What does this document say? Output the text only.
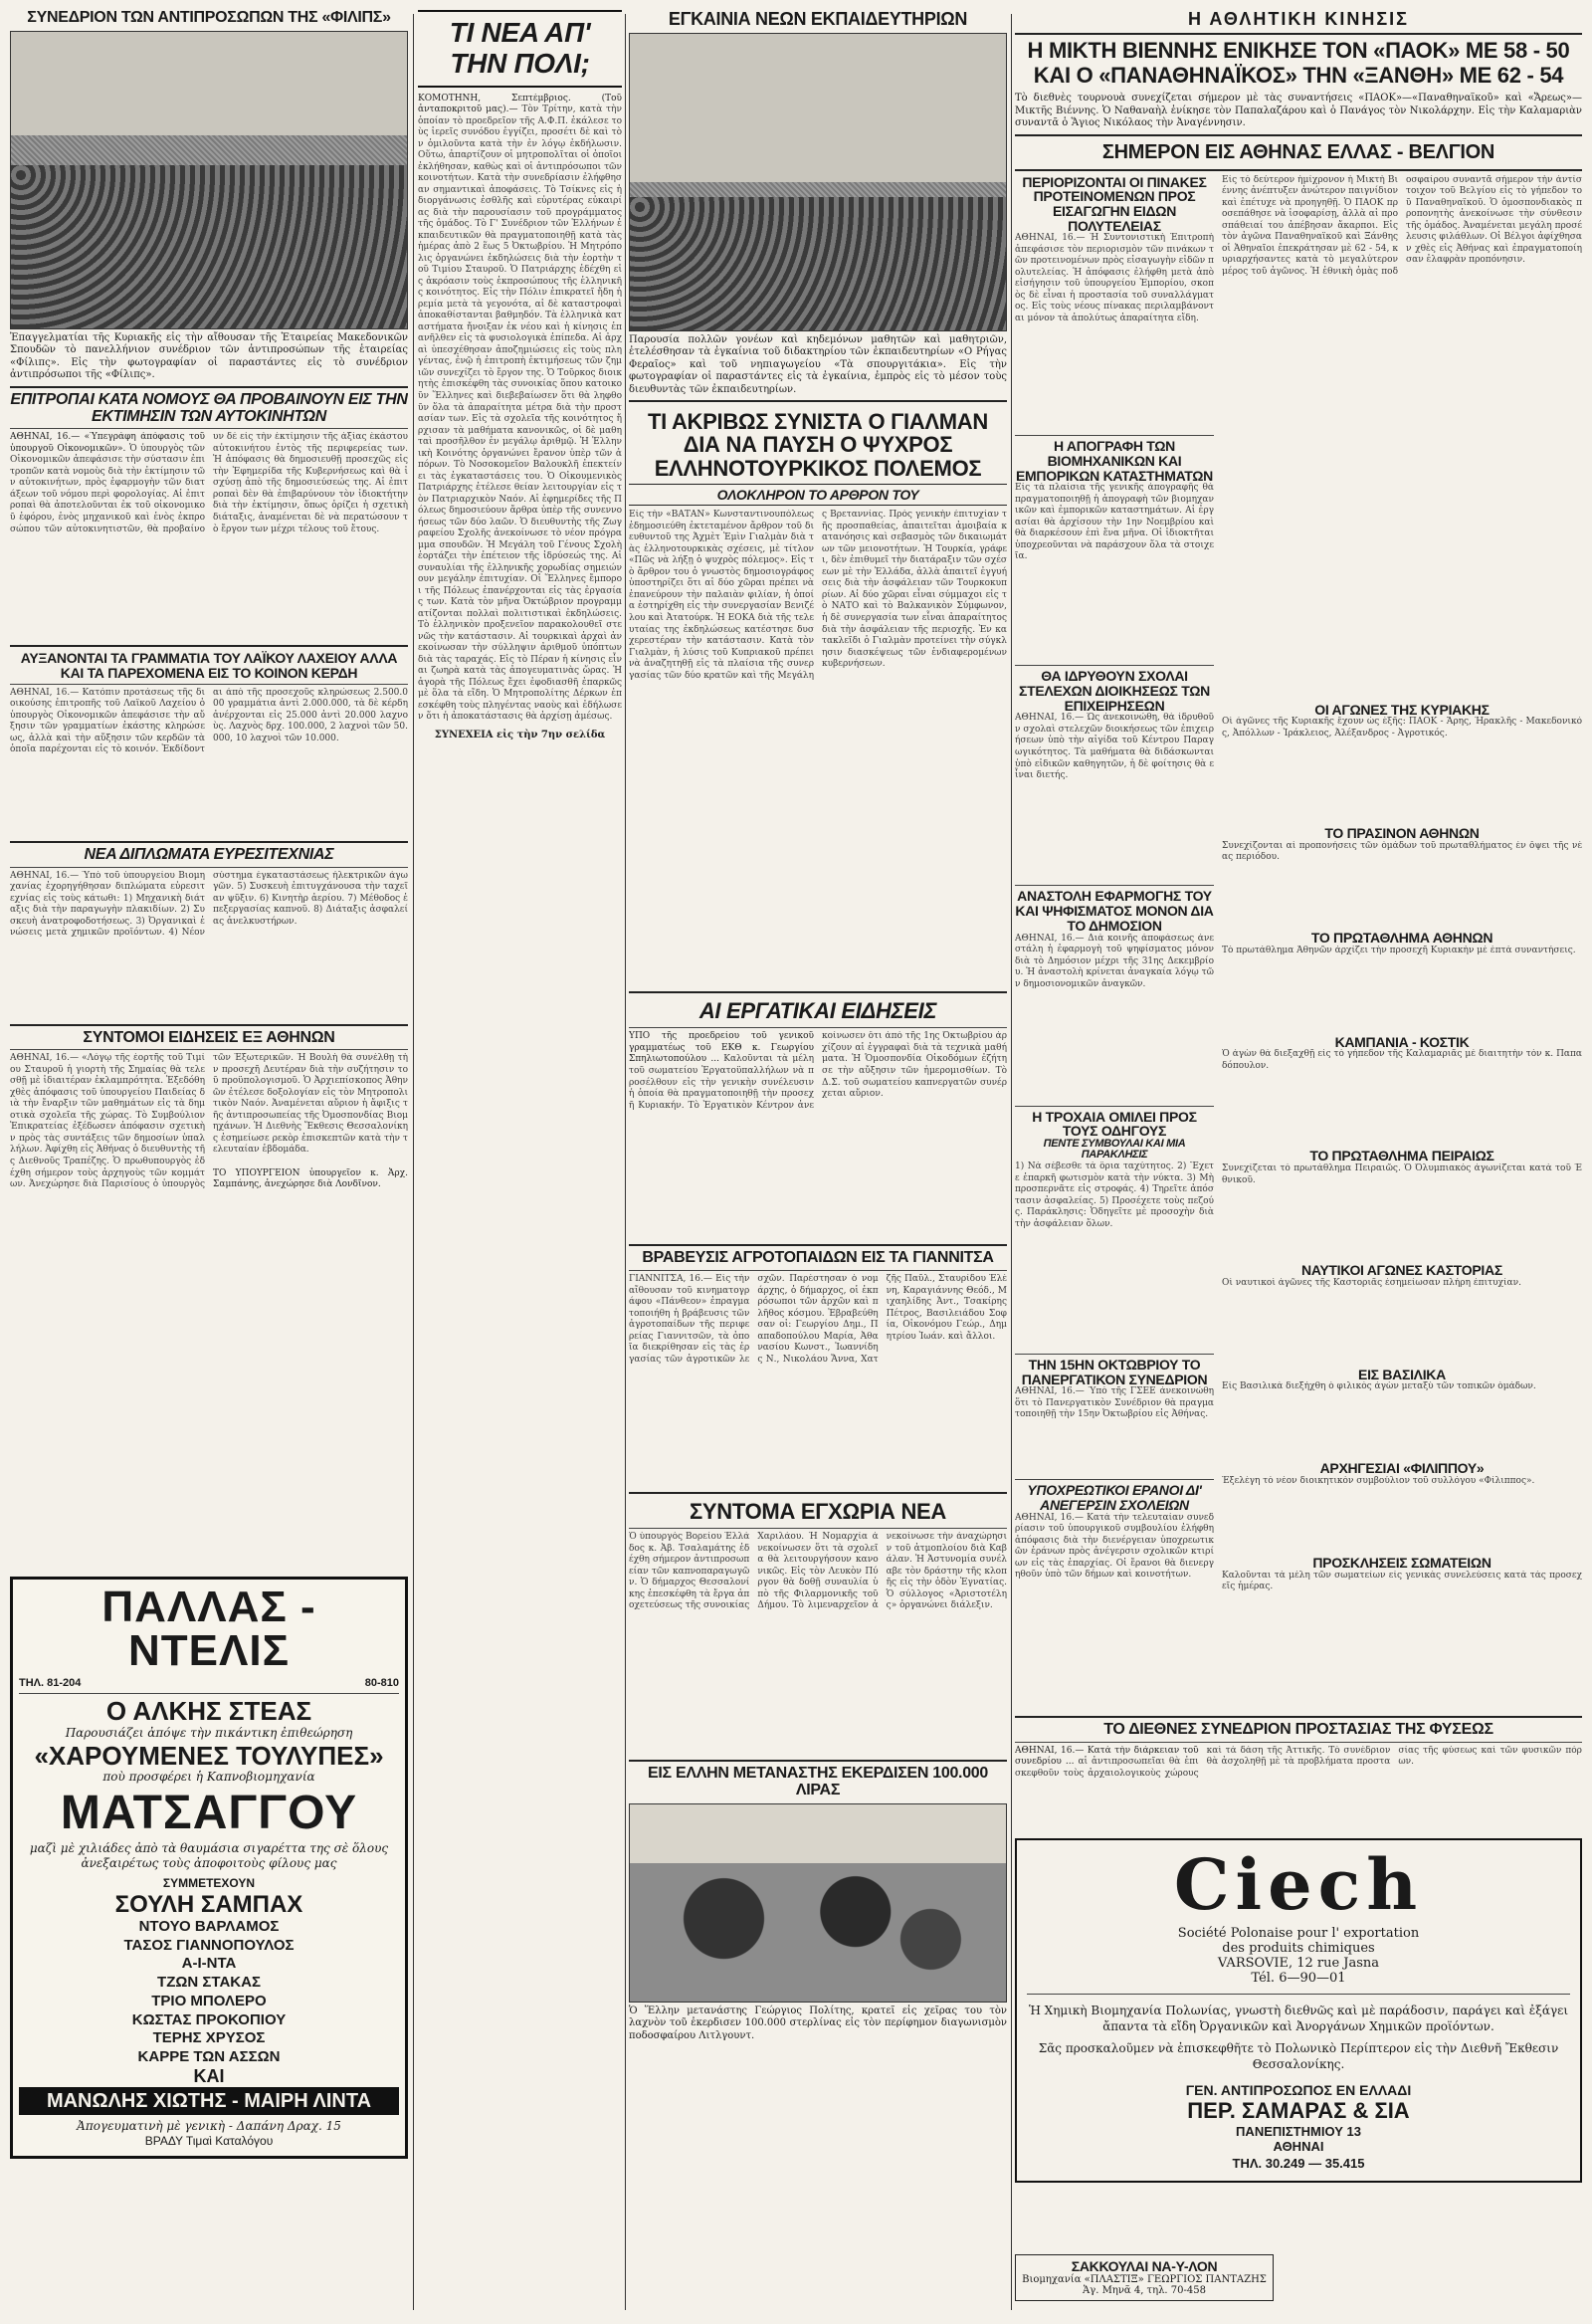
ΣΥΝΕΔΡΙΟΝ ΤΩΝ ΑΝΤΙΠΡΟΣΩΠΩΝ ΤΗΣ «ΦΙΛΙΠΣ»
Ἐπαγγελματίαι τῆς Κυριακῆς εἰς τὴν αἴθουσαν τῆς Ἑταιρείας Μακεδονικῶν Σπουδῶν τὸ πανελλήνιον συνέδριον τῶν ἀντιπροσώπων τῆς ἑταιρείας «Φίλιπς». Εἰς τὴν φωτογραφίαν οἱ παραστάντες εἰς τὸ συνέδριον ἀντιπρόσωποι τῆς «Φίλιπς».
ΕΠΙΤΡΟΠΑΙ ΚΑΤΑ ΝΟΜΟΥΣ ΘΑ ΠΡΟΒΑΙΝΟΥΝ ΕΙΣ ΤΗΝ ΕΚΤΙΜΗΣΙΝ ΤΩΝ ΑΥΤΟΚΙΝΗΤΩΝ
ΑΘΗΝΑΙ, 16.— «Ὑπεγράφη ἀπόφασις τοῦ ὑπουργοῦ Οἰκονομικῶν». Ὁ ὑπουργὸς τῶν Οἰκονομικῶν ἀπεφάσισε τὴν σύστασιν ἐπιτροπῶν κατὰ νομοὺς διὰ τὴν ἐκτίμησιν τῶν αὐτοκινήτων, πρὸς ἐφαρμογὴν τῶν διατάξεων τοῦ νόμου περὶ φορολογίας. Αἱ ἐπιτροπαὶ θὰ ἀποτελοῦνται ἐκ τοῦ οἰκονομικοῦ ἐφόρου, ἑνὸς μηχανικοῦ καὶ ἑνὸς ἐκπροσώπου τῶν αὐτοκινητιστῶν, θὰ προβαίνουν δὲ εἰς τὴν ἐκτίμησιν τῆς ἀξίας ἑκάστου αὐτοκινήτου ἐντὸς τῆς περιφερείας των. Ἡ ἀπόφασις θὰ δημοσιευθῇ προσεχῶς εἰς τὴν Ἐφημερίδα τῆς Κυβερνήσεως καὶ θὰ ἰσχύσῃ ἀπὸ τῆς δημοσιεύσεώς της. Αἱ ἐπιτροπαὶ δὲν θὰ ἐπιβαρύνουν τὸν ἰδιοκτήτην διὰ τὴν ἐκτίμησιν, ὅπως ὁρίζει ἡ σχετικὴ διάταξις, ἀναμένεται δὲ νὰ περατώσουν τὸ ἔργον των μέχρι τέλους τοῦ ἔτους.
ΑΥΞΑΝΟΝΤΑΙ ΤΑ ΓΡΑΜΜΑΤΙΑ ΤΟΥ ΛΑΪΚΟΥ ΛΑΧΕΙΟΥ ΑΛΛΑ ΚΑΙ ΤΑ ΠΑΡΕΧΟΜΕΝΑ ΕΙΣ ΤΟ ΚΟΙΝΟΝ ΚΕΡΔΗ
ΑΘΗΝΑΙ, 16.— Κατόπιν προτάσεως τῆς διοικούσης ἐπιτροπῆς τοῦ Λαϊκοῦ Λαχείου ὁ ὑπουργὸς Οἰκονομικῶν ἀπεφάσισε τὴν αὔξησιν τῶν γραμματίων ἑκάστης κληρώσεως, ἀλλὰ καὶ τὴν αὔξησιν τῶν κερδῶν τὰ ὁποῖα παρέχονται εἰς τὸ κοινόν. Ἐκδίδονται ἀπὸ τῆς προσεχοῦς κληρώσεως 2.500.000 γραμμάτια ἀντὶ 2.000.000, τὰ δὲ κέρδη ἀνέρχονται εἰς 25.000 ἀντὶ 20.000 λαχνοὺς. Λαχνὸς δρχ. 100.000, 2 λαχνοὶ τῶν 50.000, 10 λαχνοὶ τῶν 10.000.
ΝΕΑ ΔΙΠΛΩΜΑΤΑ ΕΥΡΕΣΙΤΕΧΝΙΑΣ
ΑΘΗΝΑΙ, 16.— Ὑπὸ τοῦ ὑπουργείου Βιομηχανίας ἐχορηγήθησαν διπλώματα εὑρεσιτεχνίας εἰς τοὺς κάτωθι: 1) Μηχανικὴ διάταξις διὰ τὴν παραγωγὴν πλακιδίων. 2) Συσκευὴ ἀνατροφοδοτήσεως. 3) Ὀργανικαὶ ἐνώσεις μετὰ χημικῶν προϊόντων. 4) Νέον σύστημα ἐγκαταστάσεως ἠλεκτρικῶν ἀγωγῶν. 5) Συσκευὴ ἐπιτυγχάνουσα τὴν ταχεῖαν ψῦξιν. 6) Κινητὴρ ἀερίου. 7) Μέθοδος ἐπεξεργασίας καπνοῦ. 8) Διάταξις ἀσφαλείας ἀνελκυστήρων.
ΣΥΝΤΟΜΟΙ ΕΙΔΗΣΕΙΣ ΕΞ ΑΘΗΝΩΝ
ΑΘΗΝΑΙ, 16.— «Λόγῳ τῆς ἑορτῆς τοῦ Τιμίου Σταυροῦ ἡ γιορτὴ τῆς Σημαίας θὰ τελεσθῇ μὲ ἰδιαιτέραν ἐκλαμπρότητα. Ἐξεδόθη χθὲς ἀπόφασις τοῦ ὑπουργείου Παιδείας διὰ τὴν ἔναρξιν τῶν μαθημάτων εἰς τὰ δημοτικὰ σχολεῖα τῆς χώρας. Τὸ Συμβούλιον Ἐπικρατείας ἐξέδωσεν ἀπόφασιν σχετικὴν πρὸς τὰς συντάξεις τῶν δημοσίων ὑπαλλήλων. Ἀφίχθη εἰς Ἀθήνας ὁ διευθυντὴς τῆς Διεθνοῦς Τραπέζης. Ὁ πρωθυπουργὸς ἐδέχθη σήμερον τοὺς ἀρχηγοὺς τῶν κομμάτων. Ἀνεχώρησε διὰ Παρισίους ὁ ὑπουργὸς τῶν Ἐξωτερικῶν. Ἡ Βουλὴ θὰ συνέλθῃ τὴν προσεχῆ Δευτέραν διὰ τὴν συζήτησιν τοῦ προϋπολογισμοῦ. Ὁ Ἀρχιεπίσκοπος Ἀθηνῶν ἐτέλεσε δοξολογίαν εἰς τὸν Μητροπολιτικὸν Ναόν. Ἀναμένεται αὔριον ἡ ἄφιξις τῆς ἀντιπροσωπείας τῆς Ὀμοσπονδίας Βιομηχάνων. Ἡ Διεθνὴς Ἔκθεσις Θεσσαλονίκης ἐσημείωσε ρεκὸρ ἐπισκεπτῶν κατὰ τὴν τελευταίαν ἑβδομάδα.

ΤΟ ΥΠΟΥΡΓΕΙΟΝ ὑπουργεῖον κ. Ἀρχ. Σαμπάνης, ἀνεχώρησε διὰ Λονδῖνον.
ΠΑΛΛΑΣ - ΝΤΕΛΙΣ
ΤΗΛ. 81-204	80-810
Ο ΑΛΚΗΣ ΣΤΕΑΣ
Παρουσιάζει ἀπόψε τὴν πικάντικη ἐπιθεώρηση
«ΧΑΡΟΥΜΕΝΕΣ ΤΟΥΛΥΠΕΣ»
ποὺ προσφέρει ἡ Καπνοβιομηχανία
ΜΑΤΣΑΓΓΟΥ
μαζὶ μὲ χιλιάδες ἀπὸ τὰ θαυμάσια σιγαρέττα της σὲ ὅλους ἀνεξαιρέτως τοὺς ἀποφοιτοὺς φίλους μας
ΣΥΜΜΕΤΕΧΟΥΝ
ΣΟΥΛΗ ΣΑΜΠΑΧ
ΝΤΟΥΟ ΒΑΡΛΑΜΟΣ
ΤΑΣΟΣ ΓΙΑΝΝΟΠΟΥΛΟΣ
Α-Ι-ΝΤΑ
ΤΖΩΝ ΣΤΑΚΑΣ
ΤΡΙΟ ΜΠΟΛΕΡΟ
ΚΩΣΤΑΣ ΠΡΟΚΟΠΙΟΥ
ΤΕΡΗΣ ΧΡΥΣΟΣ
ΚΑΡΡΕ ΤΩΝ ΑΣΣΩΝ
ΚΑΙ
ΜΑΝΩΛΗΣ ΧΙΩΤΗΣ - ΜΑΙΡΗ ΛΙΝΤΑ
Ἀπογευματινὴ μὲ γενικὴ - Δαπάνη Δραχ. 15
ΒΡΑΔΥ Τιμαὶ Καταλόγου
ΤΙ ΝΕΑ ΑΠ' ΤΗΝ ΠΟΛΙ;
ΚΟΜΟΤΗΝΗ, Σεπτέμβριος. (Τοῦ ἀνταποκριτοῦ μας).— Τὸν Τρίτην, κατὰ τὴν ὁποίαν τὸ προεδρεῖον τῆς Α.Φ.Π. ἐκάλεσε τοὺς ἱερεῖς συνόδου ἐγγίζει, προσέτι δὲ καὶ τὸν ὁμιλοῦντα κατὰ τὴν ἐν λόγῳ ἐκδήλωσιν. Οὕτω, ἀπαρτίζουν οἱ μητροπολῖται οἱ ὁποῖοι ἐκλήθησαν, καθὼς καὶ οἱ ἀντιπρόσωποι τῶν κοινοτήτων. Κατὰ τὴν συνεδρίασιν ἐλήφθησαν σημαντικαὶ ἀποφάσεις. Τὸ Τσίκνες εἰς ἡ διοργάνωσις ἐσθλῆς καὶ εὐρυτέρας εὐκαιρίας διὰ τὴν παρουσίασιν τοῦ προγράμματος τῆς ὁμάδος. Τὸ Γ' Συνέδριον τῶν Ἑλλήνων ἐκπαιδευτικῶν θὰ πραγματοποιηθῇ κατὰ τὰς ἡμέρας ἀπὸ 2 ἕως 5 Ὀκτωβρίου. Ἡ Μητρόπολις ὀργανώνει ἐκδηλώσεις διὰ τὴν ἑορτὴν τοῦ Τιμίου Σταυροῦ. Ὁ Πατριάρχης ἐδέχθη εἰς ἀκρόασιν τοὺς ἐκπροσώπους τῆς ἑλληνικῆς κοινότητος. Εἰς τὴν Πόλιν ἐπικρατεῖ ἤδη ἡρεμία μετὰ τὰ γεγονότα, αἱ δὲ καταστροφαὶ ἀποκαθίστανται βαθμηδόν. Τὰ ἑλληνικὰ καταστήματα ἤνοιξαν ἐκ νέου καὶ ἡ κίνησις ἐπανῆλθεν εἰς τὰ φυσιολογικὰ ἐπίπεδα. Αἱ ἀρχαὶ ὑπεσχέθησαν ἀποζημιώσεις εἰς τοὺς πληγέντας, ἐνῷ ἡ ἐπιτροπὴ ἐκτιμήσεως τῶν ζημιῶν συνεχίζει τὸ ἔργον της. Ὁ Τοῦρκος διοικητὴς ἐπισκέφθη τὰς συνοικίας ὅπου κατοικοῦν Ἕλληνες καὶ διεβεβαίωσεν ὅτι θὰ ληφθοῦν ὅλα τὰ ἀπαραίτητα μέτρα διὰ τὴν προστασίαν των. Εἰς τὰ σχολεῖα τῆς κοινότητος ἤρχισαν τὰ μαθήματα κανονικῶς, οἱ δὲ μαθηταὶ προσῆλθον ἐν μεγάλῳ ἀριθμῷ. Ἡ Ἑλληνικὴ Κοινότης ὀργανώνει ἔρανον ὑπὲρ τῶν ἀπόρων. Τὸ Νοσοκομεῖον Βαλουκλῆ ἐπεκτείνει τὰς ἐγκαταστάσεις του. Ὁ Οἰκουμενικὸς Πατριάρχης ἐτέλεσε θείαν λειτουργίαν εἰς τὸν Πατριαρχικὸν Ναόν. Αἱ ἐφημερίδες τῆς Πόλεως δημοσιεύουν ἄρθρα ὑπὲρ τῆς συνεννοήσεως τῶν δύο λαῶν. Ὁ διευθυντὴς τῆς Ζωγραφείου Σχολῆς ἀνεκοίνωσε τὸ νέον πρόγραμμα σπουδῶν. Ἡ Μεγάλη τοῦ Γένους Σχολὴ ἑορτάζει τὴν ἐπέτειον τῆς ἱδρύσεώς της. Αἱ συναυλίαι τῆς ἑλληνικῆς χορωδίας σημειώνουν μεγάλην ἐπιτυχίαν. Οἱ Ἕλληνες ἔμποροι τῆς Πόλεως ἐπανέρχονται εἰς τὰς ἐργασίας των. Κατὰ τὸν μῆνα Ὀκτώβριον προγραμματίζονται πολλαὶ πολιτιστικαὶ ἐκδηλώσεις. Τὸ ἑλληνικὸν προξενεῖον παρακολουθεῖ στενῶς τὴν κατάστασιν. Αἱ τουρκικαὶ ἀρχαὶ ἀνεκοίνωσαν τὴν σύλληψιν ἀριθμοῦ ὑπόπτων διὰ τὰς ταραχάς. Εἰς τὸ Πέραν ἡ κίνησις εἶναι ζωηρὰ κατὰ τὰς ἀπογευματινὰς ὥρας. Ἡ ἀγορὰ τῆς Πόλεως ἔχει ἐφοδιασθῆ ἐπαρκῶς μὲ ὅλα τὰ εἴδη. Ὁ Μητροπολίτης Δέρκων ἐπεσκέφθη τοὺς πληγέντας ναοὺς καὶ ἐδήλωσεν ὅτι ἡ ἀποκατάστασις θὰ ἀρχίσῃ ἀμέσως.
ΣΥΝΕΧΕΙΑ εἰς τὴν 7ην σελίδα
ΕΓΚΑΙΝΙΑ ΝΕΩΝ ΕΚΠΑΙΔΕΥΤΗΡΙΩΝ
Παρουσία πολλῶν γονέων καὶ κηδεμόνων μαθητῶν καὶ μαθητριῶν, ἐτελέσθησαν τὰ ἐγκαίνια τοῦ διδακτηρίου τῶν ἐκπαιδευτηρίων «Ο Ρήγας Φεραῖος» καὶ τοῦ νηπιαγωγείου «Τὰ σπουργιτάκια». Εἰς τὴν φωτογραφίαν οἱ παραστάντες εἰς τὰ ἐγκαίνια, ἐμπρὸς εἰς τὸ μέσον τοὺς διευθυντὰς τῶν ἐκπαιδευτηρίων.
ΤΙ ΑΚΡΙΒΩΣ ΣΥΝΙΣΤΑ Ο ΓΙΑΛΜΑΝ ΔΙΑ ΝΑ ΠΑΥΣΗ Ο ΨΥΧΡΟΣ ΕΛΛΗΝΟΤΟΥΡΚΙΚΟΣ ΠΟΛΕΜΟΣ
ΟΛΟΚΛΗΡΟΝ ΤΟ ΑΡΘΡΟΝ ΤΟΥ
Εἰς τὴν «ΒΑΤΑΝ» Κωνσταντινουπόλεως ἐδημοσιεύθη ἐκτεταμένον ἄρθρον τοῦ διευθυντοῦ της Ἀχμὲτ Ἐμὶν Γιαλμὰν διὰ τὰς ἑλληνοτουρκικὰς σχέσεις, μὲ τίτλον «Πῶς νὰ λήξῃ ὁ ψυχρὸς πόλεμος». Εἰς τὸ ἄρθρον του ὁ γνωστὸς δημοσιογράφος ὑποστηρίζει ὅτι αἱ δύο χῶραι πρέπει νὰ ἐπανεύρουν τὴν παλαιὰν φιλίαν, ἡ ὁποία ἐστηρίχθη εἰς τὴν συνεργασίαν Βενιζέλου καὶ Ἀτατούρκ. Ἡ ΕΟΚΑ διὰ τῆς τελευταίας της ἐκδηλώσεως κατέστησε δυσχερεστέραν τὴν κατάστασιν. Κατὰ τὸν Γιαλμὰν, ἡ λύσις τοῦ Κυπριακοῦ πρέπει νὰ ἀναζητηθῇ εἰς τὰ πλαίσια τῆς συνεργασίας τῶν δύο κρατῶν καὶ τῆς Μεγάλης Βρεταννίας. Πρὸς γενικὴν ἐπιτυχίαν τῆς προσπαθείας, ἀπαιτεῖται ἀμοιβαία κατανόησις καὶ σεβασμὸς τῶν δικαιωμάτων τῶν μειονοτήτων. Ἡ Τουρκία, γράφει, δὲν ἐπιθυμεῖ τὴν διατάραξιν τῶν σχέσεων μὲ τὴν Ἑλλάδα, ἀλλὰ ἀπαιτεῖ ἐγγυήσεις διὰ τὴν ἀσφάλειαν τῶν Τουρκοκυπρίων. Αἱ δύο χῶραι εἶναι σύμμαχοι εἰς τὸ ΝΑΤΟ καὶ τὸ Βαλκανικὸν Σύμφωνον, ἡ δὲ συνεργασία των εἶναι ἀπαραίτητος διὰ τὴν ἀσφάλειαν τῆς περιοχῆς. Ἐν κατακλεῖδι ὁ Γιαλμὰν προτείνει τὴν σύγκλησιν διασκέψεως τῶν ἐνδιαφερομένων κυβερνήσεων.
ΑΙ ΕΡΓΑΤΙΚΑΙ ΕΙΔΗΣΕΙΣ
ΥΠΟ τῆς προεδρείου τοῦ γενικοῦ γραμματέως τοῦ ΕΚΘ κ. Γεωργίου Σπηλιωτοπούλου ... Καλοῦνται τὰ μέλη τοῦ σωματείου Ἐργατοϋπαλλήλων νὰ προσέλθουν εἰς τὴν γενικὴν συνέλευσιν ἡ ὁποία θὰ πραγματοποιηθῇ τὴν προσεχῆ Κυριακήν. Τὸ Ἐργατικὸν Κέντρον ἀνεκοίνωσεν ὅτι ἀπὸ τῆς 1ης Ὀκτωβρίου ἀρχίζουν αἱ ἐγγραφαὶ διὰ τὰ τεχνικὰ μαθήματα. Ἡ Ὁμοσπονδία Οἰκοδόμων ἐζήτησε τὴν αὔξησιν τῶν ἡμερομισθίων. Τὸ Δ.Σ. τοῦ σωματείου καπνεργατῶν συνέρχεται αὔριον.
ΒΡΑΒΕΥΣΙΣ ΑΓΡΟΤΟΠΑΙΔΩΝ ΕΙΣ ΤΑ ΓΙΑΝΝΙΤΣΑ
ΓΙΑΝΝΙΤΣΑ, 16.— Εἰς τὴν αἴθουσαν τοῦ κινηματογράφου «Πάνθεον» ἐπραγματοποιήθη ἡ βράβευσις τῶν ἀγροτοπαίδων τῆς περιφερείας Γιαννιτσῶν, τὰ ὁποῖα διεκρίθησαν εἰς τὰς ἐργασίας τῶν ἀγροτικῶν λεσχῶν. Παρέστησαν ὁ νομάρχης, ὁ δήμαρχος, οἱ ἐκπρόσωποι τῶν ἀρχῶν καὶ πλῆθος κόσμου. Ἐβραβεύθησαν οἱ: Γεωργίου Δημ., Παπαδοπούλου Μαρία, Ἀθανασίου Κωνστ., Ἰωαννίδης Ν., Νικολάου Ἄννα, Χατζῆς Παῦλ., Σταυρίδου Ἑλένη, Καραγιάννης Θεόδ., Μιχαηλίδης Ἀντ., Τσακίρης Πέτρος, Βασιλειάδου Σοφία, Οἰκονόμου Γεώρ., Δημητρίου Ἰωάν. καὶ ἄλλοι.
ΣΥΝΤΟΜΑ ΕΓΧΩΡΙΑ ΝΕΑ
Ὁ ὑπουργὸς Βορείου Ἑλλάδος κ. Ἀβ. Τσαλαμάτης ἐδέχθη σήμερον ἀντιπροσωπείαν τῶν καπνοπαραγωγῶν. Ὁ δήμαρχος Θεσσαλονίκης ἐπεσκέφθη τὰ ἔργα ἀποχετεύσεως τῆς συνοικίας Χαριλάου. Ἡ Νομαρχία ἀνεκοίνωσεν ὅτι τὰ σχολεῖα θὰ λειτουργήσουν κανονικῶς. Εἰς τὸν Λευκὸν Πύργον θὰ δοθῇ συναυλία ὑπὸ τῆς Φιλαρμονικῆς τοῦ Δήμου. Τὸ λιμεναρχεῖον ἀνεκοίνωσε τὴν ἀναχώρησιν τοῦ ἀτμοπλοίου διὰ Καβάλαν. Ἡ Ἀστυνομία συνέλαβε τὸν δράστην τῆς κλοπῆς εἰς τὴν ὁδὸν Ἐγνατίας. Ὁ σύλλογος «Ἀριστοτέλης» ὀργανώνει διάλεξιν.
ΕΙΣ ΕΛΛΗΝ ΜΕΤΑΝΑΣΤΗΣ ΕΚΕΡΔΙΣΕΝ 100.000 ΛΙΡΑΣ
Ὁ Ἕλλην μετανάστης Γεώργιος Πολίτης, κρατεῖ εἰς χεῖρας του τὸν λαχνὸν τοῦ ἐκερδισεν 100.000 στερλίνας εἰς τὸν περίφημον διαγωνισμὸν ποδοσφαίρου Λιτλγουντ.
Η ΑΘΛΗΤΙΚΗ ΚΙΝΗΣΙΣ
Η ΜΙΚΤΗ ΒΙΕΝΝΗΣ ΕΝΙΚΗΣΕ ΤΟΝ «ΠΑΟΚ» ΜΕ 58 - 50
ΚΑΙ Ο «ΠΑΝΑΘΗΝΑΪΚΟΣ» ΤΗΝ «ΞΑΝΘΗ» ΜΕ 62 - 54
Τὸ διεθνὲς τουρνουὰ συνεχίζεται σήμερον μὲ τὰς συναντήσεις «ΠΑΟΚ»—«Παναθηναϊκοῦ» καὶ «Ἄρεως»—Μικτῆς Βιέννης. Ὁ Ναθαναὴλ ἐνίκησε τὸν Παπαλαζάρου καὶ ὁ Πανάγος τὸν Νικολάρχην. Εἰς τὴν Καλαμαριὰν συναντᾶ ὁ Ἅγιος Νικόλαος τὴν Ἀναγέννησιν.
ΣΗΜΕΡΟΝ ΕΙΣ ΑΘΗΝΑΣ ΕΛΛΑΣ - ΒΕΛΓΙΟΝ
ΠΕΡΙΟΡΙΖΟΝΤΑΙ ΟΙ ΠΙΝΑΚΕΣ ΠΡΟΤΕΙΝΟΜΕΝΩΝ ΠΡΟΣ ΕΙΣΑΓΩΓΗΝ ΕΙΔΩΝ ΠΟΛΥΤΕΛΕΙΑΣ
ΑΘΗΝΑΙ, 16.— Ἡ Συντονιστικὴ Ἐπιτροπὴ ἀπεφάσισε τὸν περιορισμὸν τῶν πινάκων τῶν προτεινομένων πρὸς εἰσαγωγὴν εἰδῶν πολυτελείας. Ἡ ἀπόφασις ἐλήφθη μετὰ ἀπὸ εἰσήγησιν τοῦ ὑπουργείου Ἐμπορίου, σκοπὸς δὲ εἶναι ἡ προστασία τοῦ συναλλάγματος. Εἰς τοὺς νέους πίνακας περιλαμβάνονται μόνον τὰ ἀπολύτως ἀπαραίτητα εἴδη.
Η ΑΠΟΓΡΑΦΗ ΤΩΝ ΒΙΟΜΗΧΑΝΙΚΩΝ ΚΑΙ ΕΜΠΟΡΙΚΩΝ ΚΑΤΑΣΤΗΜΑΤΩΝ
Εἰς τὰ πλαίσια τῆς γενικῆς ἀπογραφῆς θὰ πραγματοποιηθῇ ἡ ἀπογραφὴ τῶν βιομηχανικῶν καὶ ἐμπορικῶν καταστημάτων. Αἱ ἐργασίαι θὰ ἀρχίσουν τὴν 1ην Νοεμβρίου καὶ θὰ διαρκέσουν ἐπὶ ἕνα μῆνα. Οἱ ἰδιοκτῆται ὑποχρεοῦνται νὰ παράσχουν ὅλα τὰ στοιχεῖα.
ΘΑ ΙΔΡΥΘΟΥΝ ΣΧΟΛΑΙ ΣΤΕΛΕΧΩΝ ΔΙΟΙΚΗΣΕΩΣ ΤΩΝ ΕΠΙΧΕΙΡΗΣΕΩΝ
ΑΘΗΝΑΙ, 16.— Ὡς ἀνεκοινώθη, θὰ ἱδρυθοῦν σχολαὶ στελεχῶν διοικήσεως τῶν ἐπιχειρήσεων ὑπὸ τὴν αἰγίδα τοῦ Κέντρου Παραγωγικότητος. Τὰ μαθήματα θὰ διδάσκωνται ὑπὸ εἰδικῶν καθηγητῶν, ἡ δὲ φοίτησις θὰ εἶναι διετής.
ΑΝΑΣΤΟΛΗ ΕΦΑΡΜΟΓΗΣ ΤΟΥ ΚΑΙ ΨΗΦΙΣΜΑΤΟΣ ΜΟΝΟΝ ΔΙΑ ΤΟ ΔΗΜΟΣΙΟΝ
ΑΘΗΝΑΙ, 16.— Διὰ κοινῆς ἀποφάσεως ἀνεστάλη ἡ ἐφαρμογὴ τοῦ ψηφίσματος μόνον διὰ τὸ Δημόσιον μέχρι τῆς 31ης Δεκεμβρίου. Ἡ ἀναστολὴ κρίνεται ἀναγκαία λόγῳ τῶν δημοσιονομικῶν ἀναγκῶν.
Η ΤΡΟΧΑΙΑ ΟΜΙΛΕΙ ΠΡΟΣ ΤΟΥΣ ΟΔΗΓΟΥΣ
ΠΕΝΤΕ ΣΥΜΒΟΥΛΑΙ ΚΑΙ ΜΙΑ ΠΑΡΑΚΛΗΣΙΣ
1) Νὰ σέβεσθε τὰ ὅρια ταχύτητος. 2) Ἔχετε ἐπαρκῆ φωτισμὸν κατὰ τὴν νύκτα. 3) Μὴ προσπερνᾶτε εἰς στροφάς. 4) Τηρεῖτε ἀπόστασιν ἀσφαλείας. 5) Προσέχετε τοὺς πεζούς. Παράκλησις: Ὁδηγεῖτε μὲ προσοχὴν διὰ τὴν ἀσφάλειαν ὅλων.
ΤΗΝ 15ΗΝ ΟΚΤΩΒΡΙΟΥ ΤΟ ΠΑΝΕΡΓΑΤΙΚΟΝ ΣΥΝΕΔΡΙΟΝ
ΑΘΗΝΑΙ, 16.— Ὑπὸ τῆς ΓΣΕΕ ἀνεκοινώθη ὅτι τὸ Πανεργατικὸν Συνέδριον θὰ πραγματοποιηθῇ τὴν 15ην Ὀκτωβρίου εἰς Ἀθήνας.
ΥΠΟΧΡΕΩΤΙΚΟΙ ΕΡΑΝΟΙ ΔΙ' ΑΝΕΓΕΡΣΙΝ ΣΧΟΛΕΙΩΝ
ΑΘΗΝΑΙ, 16.— Κατὰ τὴν τελευταίαν συνεδρίασιν τοῦ ὑπουργικοῦ συμβουλίου ἐλήφθη ἀπόφασις διὰ τὴν διενέργειαν ὑποχρεωτικῶν ἐράνων πρὸς ἀνέγερσιν σχολικῶν κτιρίων εἰς τὰς ἐπαρχίας. Οἱ ἔρανοι θὰ διενεργηθοῦν ὑπὸ τῶν δήμων καὶ κοινοτήτων.
Εἰς τὸ δεύτερον ἡμίχρονον ἡ Μικτὴ Βιέννης ἀνέπτυξεν ἀνώτερον παιγνίδιον καὶ ἐπέτυχε νὰ προηγηθῇ. Ὁ ΠΑΟΚ προσεπάθησε νὰ ἰσοφαρίσῃ, ἀλλὰ αἱ προσπάθειαί του ἀπέβησαν ἄκαρποι. Εἰς τὸν ἀγῶνα Παναθηναϊκοῦ καὶ Ξάνθης οἱ Ἀθηναῖοι ἐπεκράτησαν μὲ 62 - 54, κυριαρχήσαντες κατὰ τὸ μεγαλύτερον μέρος τοῦ ἀγῶνος. Ἡ ἐθνικὴ ὁμὰς ποδοσφαίρου συναντᾶ σήμερον τὴν ἀντίστοιχον τοῦ Βελγίου εἰς τὸ γήπεδον τοῦ Παναθηναϊκοῦ. Ὁ ὁμοσπονδιακὸς προπονητὴς ἀνεκοίνωσε τὴν σύνθεσιν τῆς ὁμάδος. Ἀναμένεται μεγάλη προσέλευσις φιλάθλων. Οἱ Βέλγοι ἀφίχθησαν χθὲς εἰς Ἀθήνας καὶ ἐπραγματοποίησαν ἐλαφρὰν προπόνησιν.
ΟΙ ΑΓΩΝΕΣ ΤΗΣ ΚΥΡΙΑΚΗΣ
Οἱ ἀγῶνες τῆς Κυριακῆς ἔχουν ὡς ἑξῆς: ΠΑΟΚ - Ἄρης, Ἡρακλῆς - Μακεδονικός, Ἀπόλλων - Ἰράκλειος, Ἀλέξανδρος - Ἀγροτικός.
ΤΟ ΠΡΑΣΙΝΟΝ ΑΘΗΝΩΝ
Συνεχίζονται αἱ προπονήσεις τῶν ὁμάδων τοῦ πρωταθλήματος ἐν ὄψει τῆς νέας περιόδου.
ΤΟ ΠΡΩΤΑΘΛΗΜΑ ΑΘΗΝΩΝ
Τὸ πρωτάθλημα Ἀθηνῶν ἀρχίζει τὴν προσεχῆ Κυριακὴν μὲ ἑπτὰ συναντήσεις.
ΚΑΜΠΑΝΙΑ - ΚΟΣΤΙΚ
Ὁ ἀγὼν θὰ διεξαχθῇ εἰς τὸ γήπεδον τῆς Καλαμαριᾶς μὲ διαιτητὴν τὸν κ. Παπαδόπουλον.
ΤΟ ΠΡΩΤΑΘΛΗΜΑ ΠΕΙΡΑΙΩΣ
Συνεχίζεται τὸ πρωτάθλημα Πειραιῶς. Ὁ Ὀλυμπιακὸς ἀγωνίζεται κατὰ τοῦ Ἐθνικοῦ.
ΝΑΥΤΙΚΟΙ ΑΓΩΝΕΣ ΚΑΣΤΟΡΙΑΣ
Οἱ ναυτικοὶ ἀγῶνες τῆς Καστοριᾶς ἐσημείωσαν πλήρη ἐπιτυχίαν.
ΕΙΣ ΒΑΣΙΛΙΚΑ
Εἰς Βασιλικὰ διεξήχθη ὁ φιλικὸς ἀγὼν μεταξὺ τῶν τοπικῶν ὁμάδων.
ΑΡΧΗΓΕΣΙΑΙ «ΦΙΛΙΠΠΟΥ»
Ἐξελέγη τὸ νέον διοικητικὸν συμβούλιον τοῦ συλλόγου «Φίλιππος».
ΠΡΟΣΚΛΗΣΕΙΣ ΣΩΜΑΤΕΙΩΝ
Καλοῦνται τὰ μέλη τῶν σωματείων εἰς γενικὰς συνελεύσεις κατὰ τὰς προσεχεῖς ἡμέρας.
ΤΟ ΔΙΕΘΝΕΣ ΣΥΝΕΔΡΙΟΝ ΠΡΟΣΤΑΣΙΑΣ ΤΗΣ ΦΥΣΕΩΣ
ΑΘΗΝΑΙ, 16.— Κατὰ τὴν διάρκειαν τοῦ συνεδρίου ... αἱ ἀντιπροσωπεῖαι θὰ ἐπισκεφθοῦν τοὺς ἀρχαιολογικοὺς χώρους καὶ τὰ δάση τῆς Ἀττικῆς. Τὸ συνέδριον θὰ ἀσχοληθῇ μὲ τὰ προβλήματα προστασίας τῆς φύσεως καὶ τῶν φυσικῶν πόρων.
Ciech
Société Polonaise pour l' exportation
des produits chimiques
VARSOVIE, 12 rue Jasna
Tél. 6—90—01
Ἡ Χημικὴ Βιομηχανία Πολωνίας, γνωστὴ διεθνῶς καὶ μὲ παράδοσιν, παράγει καὶ ἐξάγει ἄπαντα τὰ εἴδη Ὀργανικῶν καὶ Ἀνοργάνων Χημικῶν προϊόντων.
Σᾶς προσκαλοῦμεν νὰ ἐπισκεφθῆτε τὸ Πολωνικὸ Περίπτερον εἰς τὴν Διεθνῆ Ἔκθεσιν Θεσσαλονίκης.
ΓΕΝ. ΑΝΤΙΠΡΟΣΩΠΟΣ ΕΝ ΕΛΛΑΔΙ
ΠΕΡ. ΣΑΜΑΡΑΣ & ΣΙΑ
ΠΑΝΕΠΙΣΤΗΜΙΟΥ 13
ΑΘΗΝΑΙ
ΤΗΛ. 30.249 — 35.415
ΣΑΚΚΟΥΛΑΙ ΝΑ-Υ-ΛΟΝ
Βιομηχανία «ΠΛΑΣΤΙΞ» ΓΕΩΡΓΙΟΣ ΠΑΝΤΑΖΗΣ
Ἁγ. Μηνᾶ 4, τηλ. 70-458
